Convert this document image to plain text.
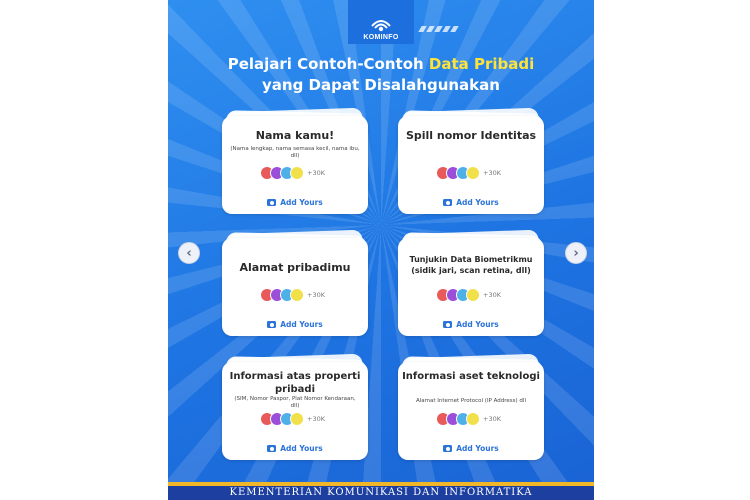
KOMINFO
Pelajari Contoh-Contoh Data Pribadi
yang Dapat Disalahgunakan
Nama kamu!
(Nama lengkap, nama semasa kecil, nama ibu, dll)
+30K
Add Yours
Spill nomor Identitas
+30K
Add Yours
Alamat pribadimu
+30K
Add Yours
Tunjukin Data Biometrikmu (sidik jari, scan retina, dll)
+30K
Add Yours
Informasi atas properti pribadi
(SIM, Nomor Paspor, Plat Nomor Kendaraan, dll)
+30K
Add Yours
Informasi aset teknologi
Alamat Internet Protocol (IP Address) dll
+30K
Add Yours
KEMENTERIAN KOMUNIKASI DAN INFORMATIKA
‹	›
